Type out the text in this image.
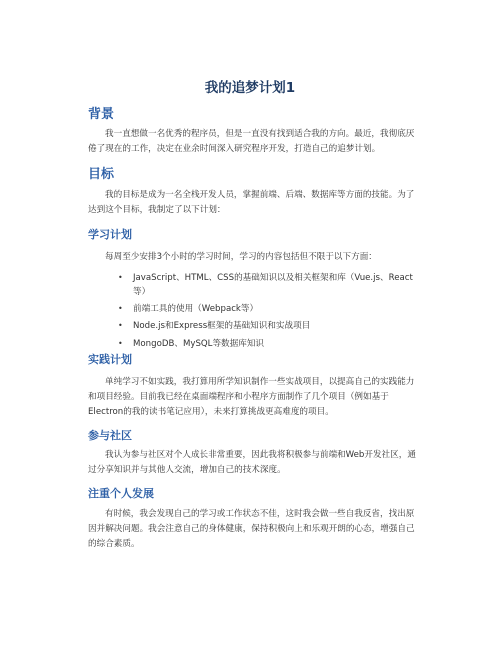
我的追梦计划1
背景

我一直想做一名优秀的程序员，但是一直没有找到适合我的方向。最近，我彻底厌倦了现在的工作，决定在业余时间深入研究程序开发，打造自己的追梦计划。

目标

我的目标是成为一名全栈开发人员，掌握前端、后端、数据库等方面的技能。为了达到这个目标，我制定了以下计划：

学习计划

每周至少安排3个小时的学习时间，学习的内容包括但不限于以下方面：

• JavaScript、HTML、CSS的基础知识以及相关框架和库（Vue.js、React等）
• 前端工具的使用（Webpack等）
• Node.js和Express框架的基础知识和实战项目
• MongoDB、MySQL等数据库知识
实践计划

单纯学习不如实践，我打算用所学知识制作一些实战项目，以提高自己的实践能力和项目经验。目前我已经在桌面端程序和小程序方面制作了几个项目（例如基于Electron的我的读书笔记应用），未来打算挑战更高难度的项目。

参与社区

我认为参与社区对个人成长非常重要，因此我将积极参与前端和Web开发社区，通过分享知识并与其他人交流，增加自己的技术深度。

注重个人发展

有时候，我会发现自己的学习或工作状态不佳，这时我会做一些自我反省，找出原因并解决问题。我会注意自己的身体健康，保持积极向上和乐观开朗的心态，增强自己的综合素质。
